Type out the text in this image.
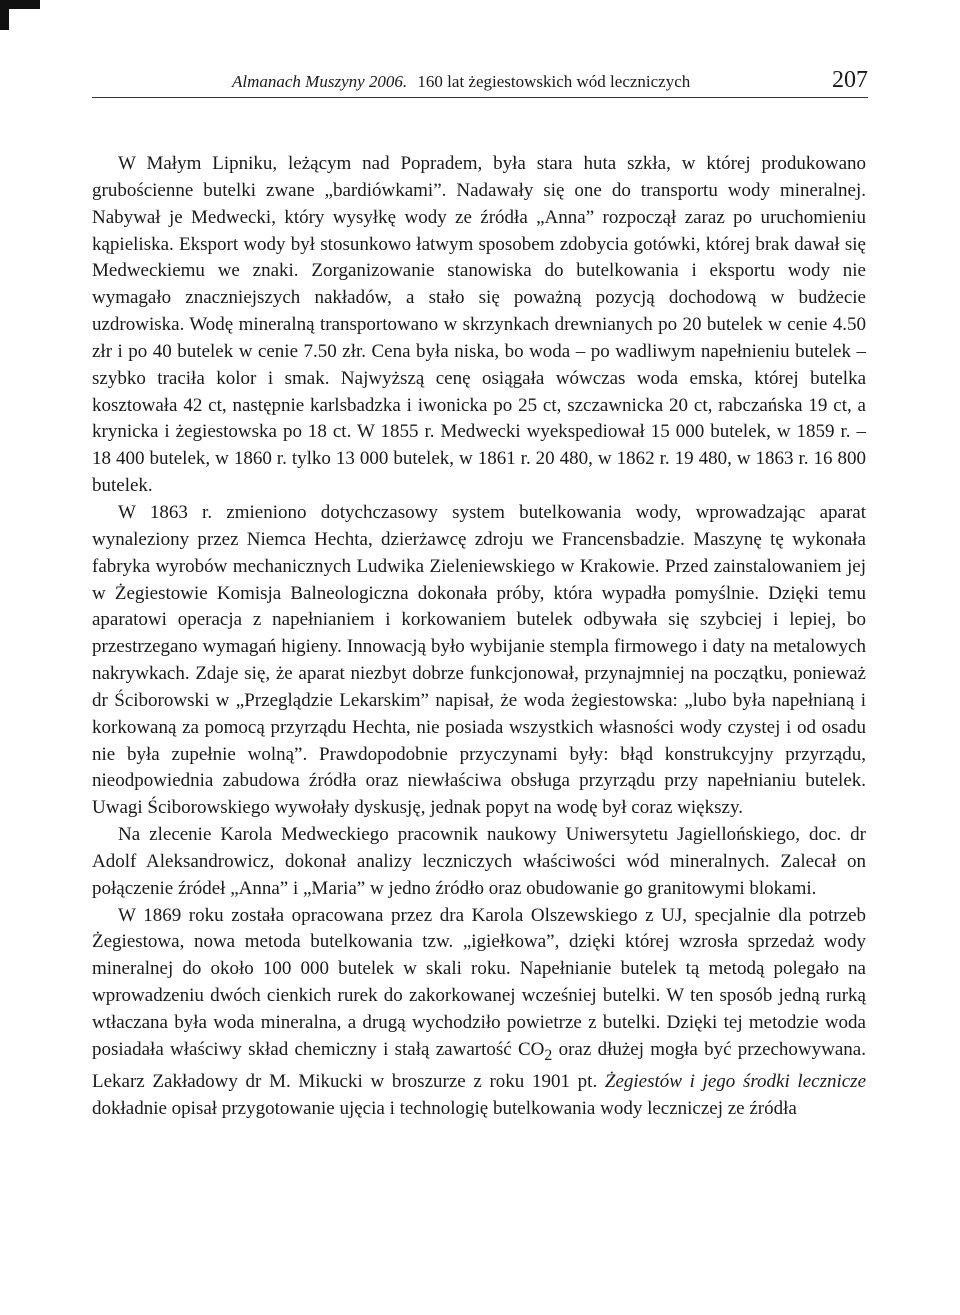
Almanach Muszyny 2006. 160 lat żegiestowskich wód leczniczych	207

W Małym Lipniku, leżącym nad Popradem, była stara huta szkła, w której produkowano grubościenne butelki zwane „bardiówkami”. Nadawały się one do transportu wody mineralnej. Nabywał je Medwecki, który wysyłkę wody ze źródła „Anna” rozpoczął zaraz po uruchomieniu kąpieliska. Eksport wody był stosunkowo łatwym sposobem zdobycia gotówki, której brak dawał się Medweckiemu we znaki. Zorganizowanie stanowiska do butelkowania i eksportu wody nie wymagało znaczniejszych nakładów, a stało się poważną pozycją dochodową w budżecie uzdrowiska. Wodę mineralną transportowano w skrzynkach drewnianych po 20 butelek w cenie 4.50 złr i po 40 butelek w cenie 7.50 złr. Cena była niska, bo woda – po wadliwym napełnieniu butelek – szybko traciła kolor i smak. Najwyższą cenę osiągała wówczas woda emska, której butelka kosztowała 42 ct, następnie karlsbadzka i iwonicka po 25 ct, szczawnicka 20 ct, rabczańska 19 ct, a krynicka i żegiestowska po 18 ct. W 1855 r. Medwecki wyekspediował 15 000 butelek, w 1859 r. – 18 400 butelek, w 1860 r. tylko 13 000 butelek, w 1861 r. 20 480, w 1862 r. 19 480, w 1863 r. 16 800 butelek.

W 1863 r. zmieniono dotychczasowy system butelkowania wody, wprowadzając aparat wynaleziony przez Niemca Hechta, dzierżawcę zdroju we Francensbadzie. Maszynę tę wykonała fabryka wyrobów mechanicznych Ludwika Zieleniewskiego w Krakowie. Przed zainstalowaniem jej w Żegiestowie Komisja Balneologiczna dokonała próby, która wypadła pomyślnie. Dzięki temu aparatowi operacja z napełnianiem i korkowaniem butelek odbywała się szybciej i lepiej, bo przestrzegano wymagań higieny. Innowacją było wybijanie stempla firmowego i daty na metalowych nakrywkach. Zdaje się, że aparat niezbyt dobrze funkcjonował, przynajmniej na początku, ponieważ dr Ściborowski w „Przeglądzie Lekarskim” napisał, że woda żegiestowska: „lubo była napełnianą i korkowaną za pomocą przyrządu Hechta, nie posiada wszystkich własności wody czystej i od osadu nie była zupełnie wolną”. Prawdopodobnie przyczynami były: błąd konstrukcyjny przyrządu, nieodpowiednia zabudowa źródła oraz niewłaściwa obsługa przyrządu przy napełnianiu butelek. Uwagi Ściborowskiego wywołały dyskusję, jednak popyt na wodę był coraz większy.

Na zlecenie Karola Medweckiego pracownik naukowy Uniwersytetu Jagiellońskiego, doc. dr Adolf Aleksandrowicz, dokonał analizy leczniczych właściwości wód mineralnych. Zalecał on połączenie źródeł „Anna” i „Maria” w jedno źródło oraz obudowanie go granitowymi blokami.

W 1869 roku została opracowana przez dra Karola Olszewskiego z UJ, specjalnie dla potrzeb Żegiestowa, nowa metoda butelkowania tzw. „igiełkowa”, dzięki której wzrosła sprzedaż wody mineralnej do około 100 000 butelek w skali roku. Napełnianie butelek tą metodą polegało na wprowadzeniu dwóch cienkich rurek do zakorkowanej wcześniej butelki. W ten sposób jedną rurką wtłaczana była woda mineralna, a drugą wychodziło powietrze z butelki. Dzięki tej metodzie woda posiadała właściwy skład chemiczny i stałą zawartość $CO_2$ oraz dłużej mogła być przechowywana. Lekarz Zakładowy dr M. Mikucki w broszurze z roku 1901 pt. Żegiestów i jego środki lecznicze dokładnie opisał przygotowanie ujęcia i technologię butelkowania wody leczniczej ze źródła
